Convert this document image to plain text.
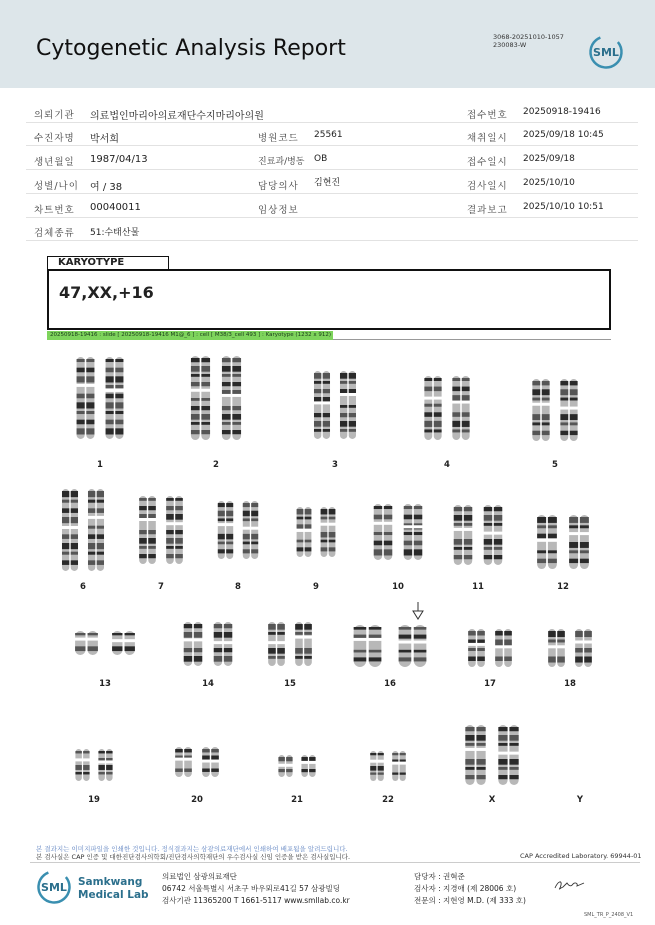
Cytogenetic Analysis Report	3068-20251010-1057
230083-W
SML
의뢰기관 의료법인마리아의료재단수지마리아의원	접수번호 20250918-19416
수진자명 박서희	병원코드 25561	채취일시 2025/09/18 10:45
생년월일 1987/04/13	진료과/병동 OB	접수일시 2025/09/18
성별/나이 여 / 38	담당의사 김현진	검사일시 2025/10/10
차트번호 00040011	임상정보	결과보고 2025/10/10 10:51
검체종류 51:수태산물
KARYOTYPE
47,XX,+16
20250918-19416 : slide [ 20250918-19416 M1@_6 ] : cell [ M38/3_cell 493 ] : Karyotype (1232 x 912)
1	2	3	4	5
6	7	8	9	10	11	12
13	14	15	16	17	18
19	20	21	22	X	Y
본 결과지는 이미지파일을 인쇄한 것입니다. 정식결과지는 삼광의료재단에서 인쇄하여 배포됨을 알려드립니다.
본 검사실은 CAP 인증 및 대한진단검사의학회/진단검사의학재단의 우수검사실 신임 인증을 받은 검사실입니다.	CAP Accredited Laboratory. 69944-01
SML Samkwang
Medical Lab
의료법인 삼광의료재단
06742 서울특별시 서초구 바우뫼로41길 57 삼광빌딩
검사기관 11365200 T 1661-5117 www.smllab.co.kr
담당자 : 권혁준
검사자 : 지경애 (제 28006 호)
전문의 : 지현영 M.D. (제 333 호)
SML_TR_P_2408_V1
